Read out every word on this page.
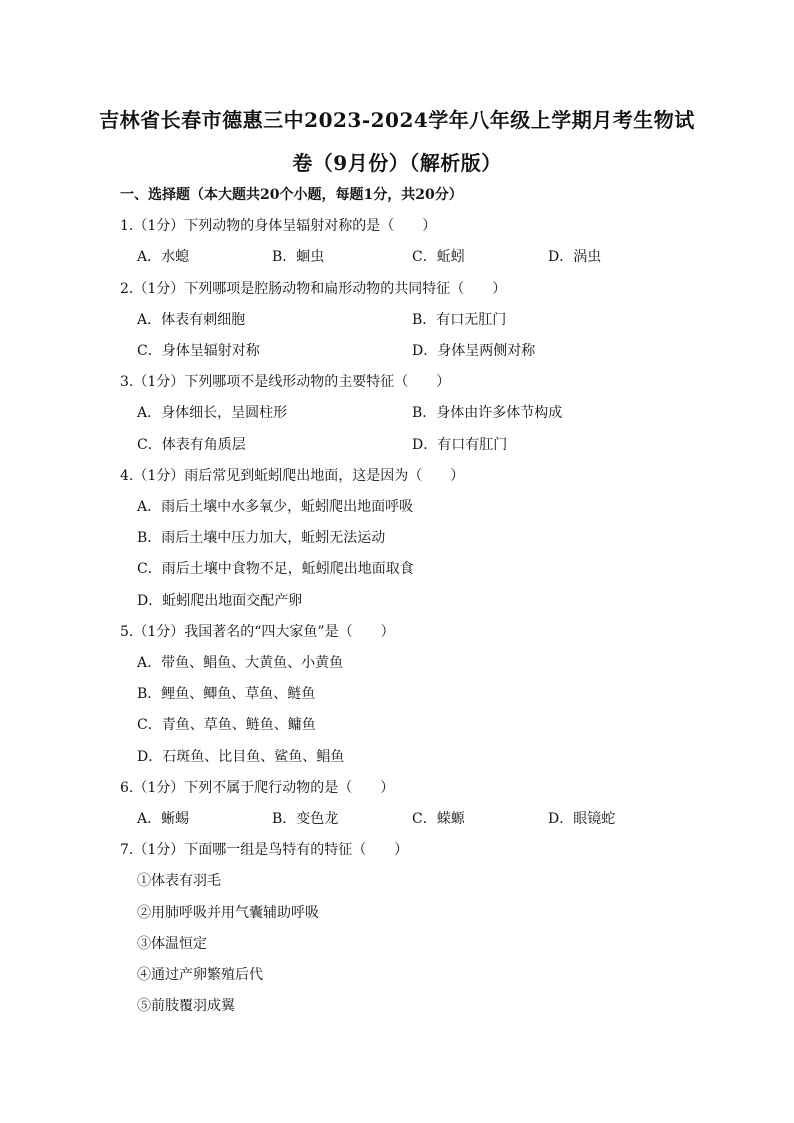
吉林省长春市德惠三中2023-2024学年八年级上学期月考生物试
卷（9月份）（解析版）
一、选择题（本大题共20个小题，每题1分，共20分）
1.（1分）下列动物的身体呈辐射对称的是（　　）
A．水螅	B．蛔虫	C．蚯蚓	D．涡虫
2.（1分）下列哪项是腔肠动物和扁形动物的共同特征（　　）
A．体表有刺细胞	B．有口无肛门
C．身体呈辐射对称	D．身体呈两侧对称
3.（1分）下列哪项不是线形动物的主要特征（　　）
A．身体细长，呈圆柱形	B．身体由许多体节构成
C．体表有角质层	D．有口有肛门
4.（1分）雨后常见到蚯蚓爬出地面，这是因为（　　）
A．雨后土壤中水多氧少，蚯蚓爬出地面呼吸
B．雨后土壤中压力加大，蚯蚓无法运动
C．雨后土壤中食物不足，蚯蚓爬出地面取食
D．蚯蚓爬出地面交配产卵
5.（1分）我国著名的“四大家鱼”是（　　）
A．带鱼、鲳鱼、大黄鱼、小黄鱼
B．鲤鱼、鲫鱼、草鱼、鲢鱼
C．青鱼、草鱼、鲢鱼、鳙鱼
D．石斑鱼、比目鱼、鲨鱼、鲳鱼
6.（1分）下列不属于爬行动物的是（　　）
A．蜥蜴	B．变色龙	C．蝾螈	D．眼镜蛇
7.（1分）下面哪一组是鸟特有的特征（　　）
①体表有羽毛
②用肺呼吸并用气囊辅助呼吸
③体温恒定
④通过产卵繁殖后代
⑤前肢覆羽成翼
